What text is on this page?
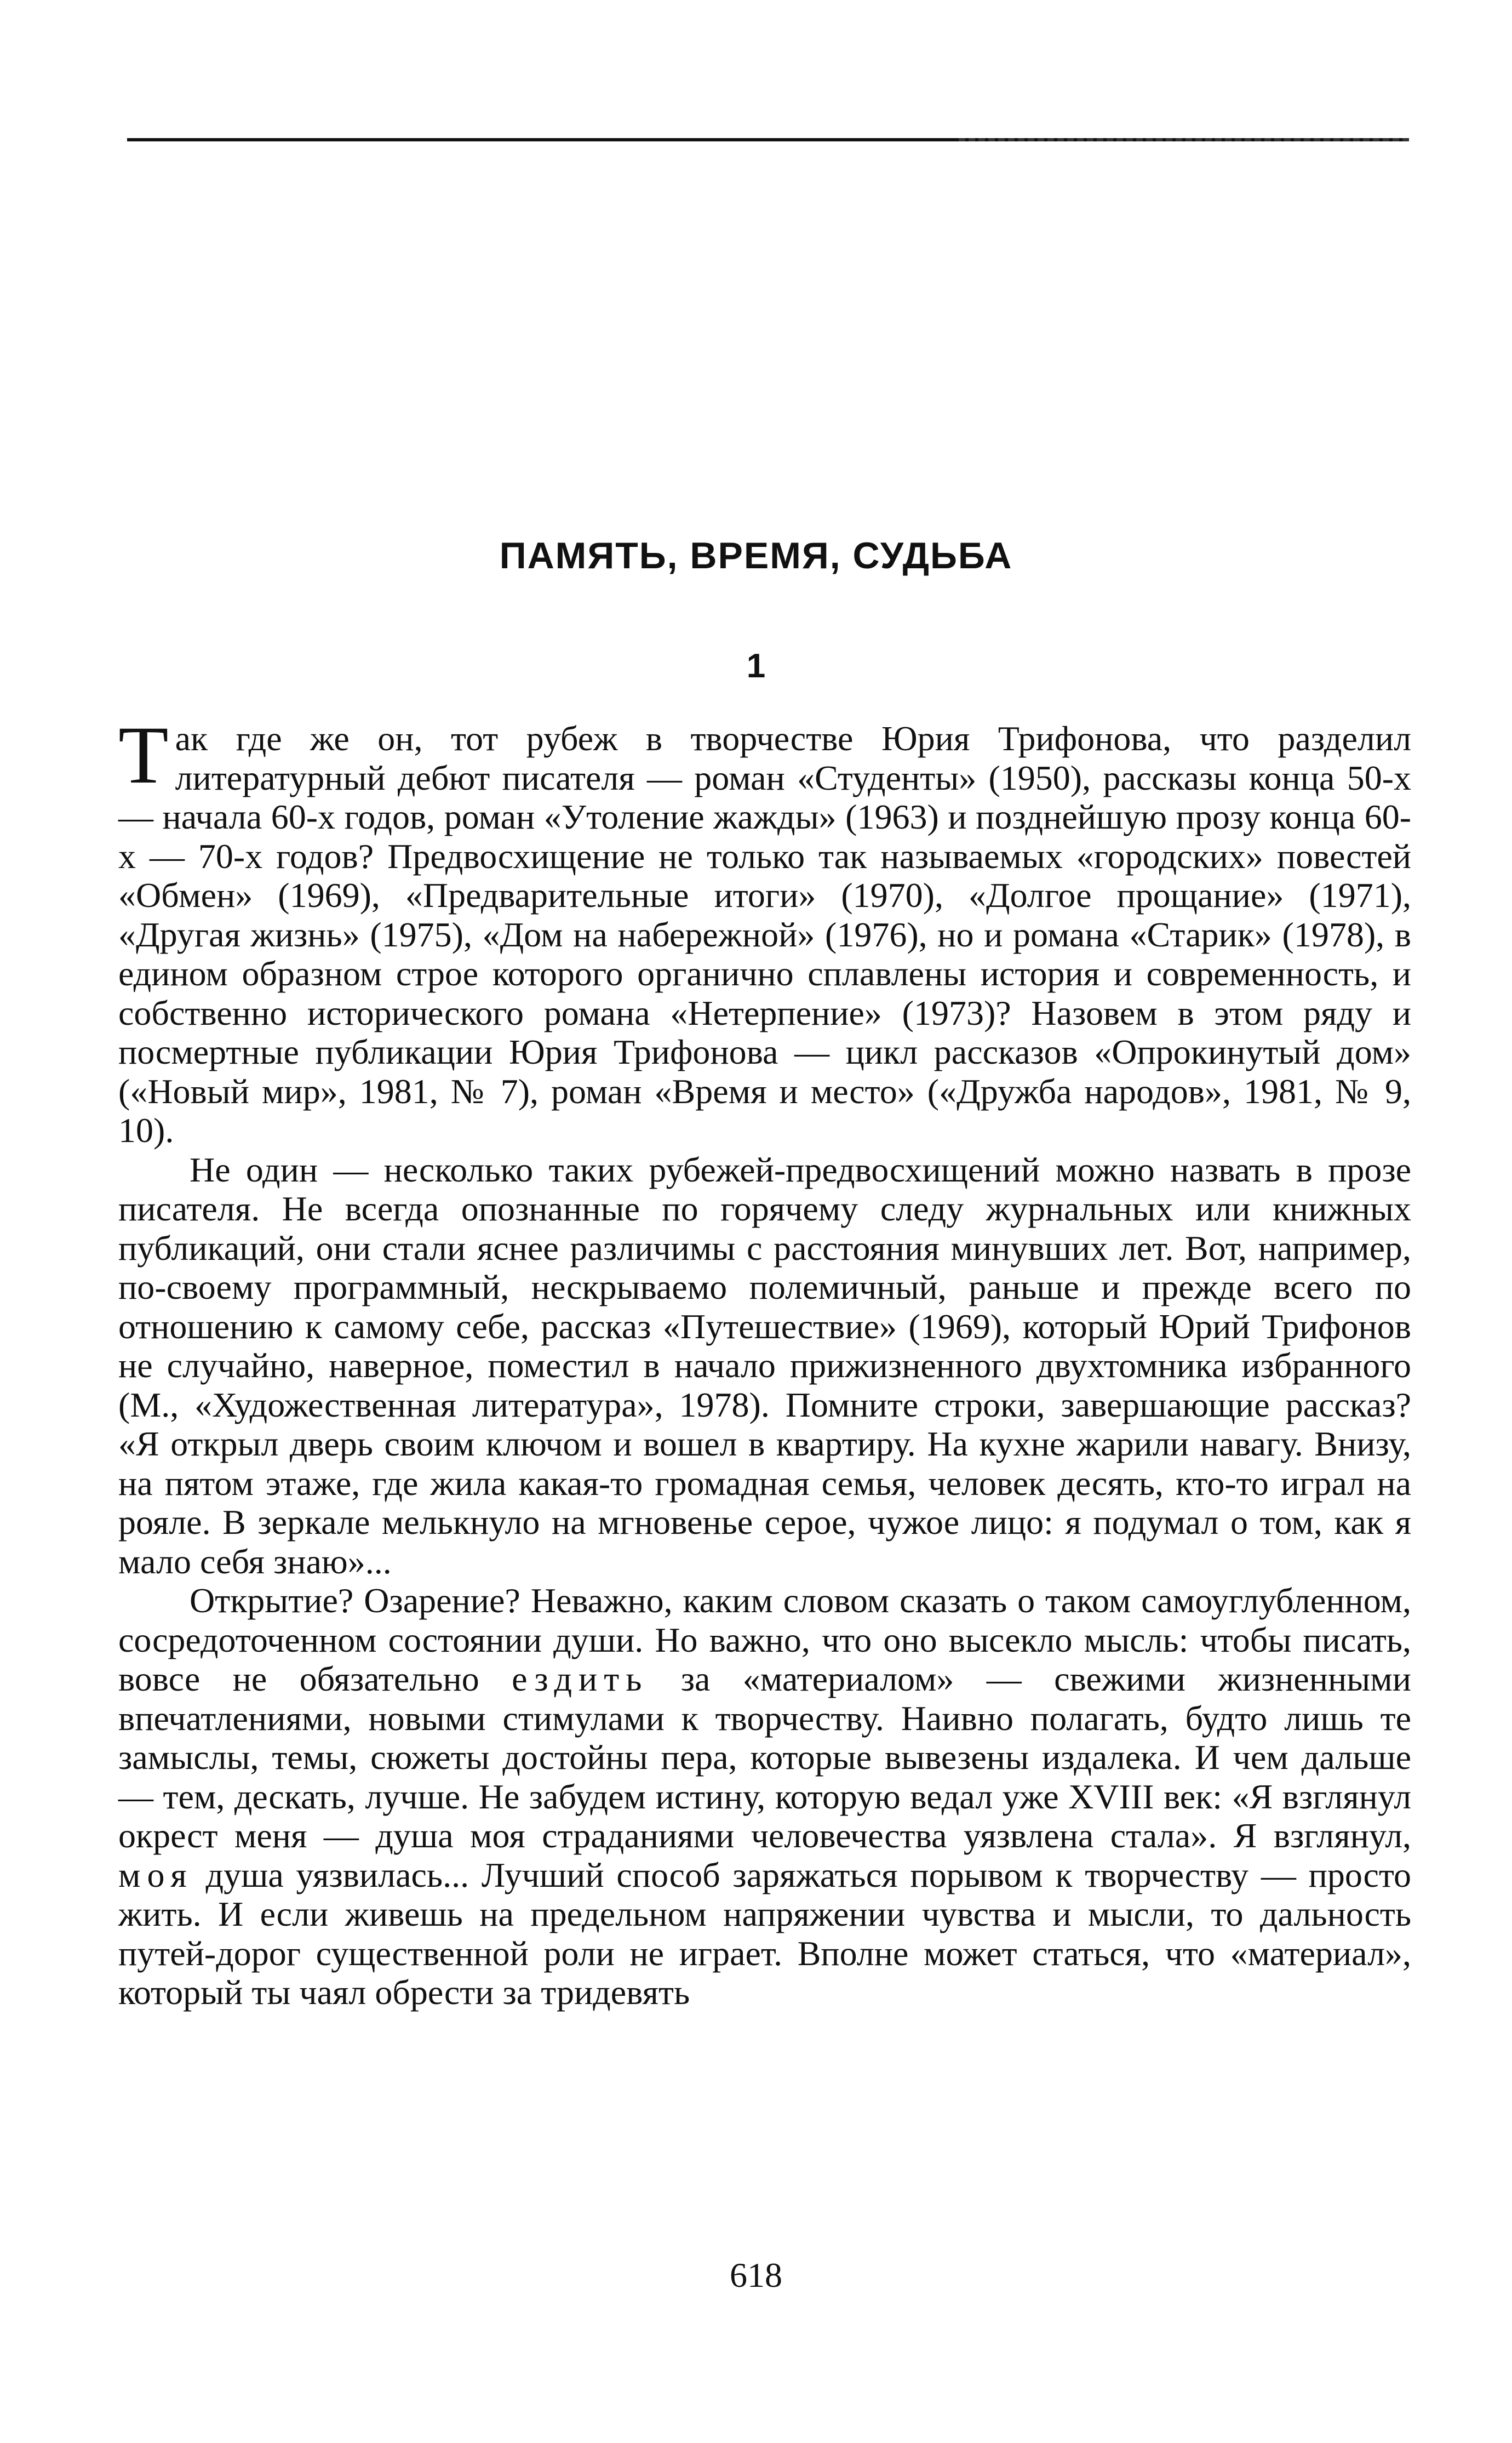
ПАМЯТЬ, ВРЕМЯ, СУДЬБА
1

Так где же он, тот рубеж в творчестве Юрия Трифонова, что разделил литературный дебют писателя — роман «Студенты» (1950), рассказы конца 50-х — начала 60-х годов, роман «Утоление жажды» (1963) и позднейшую прозу конца 60-х — 70-х годов? Предвосхищение не только так называемых «городских» повестей «Обмен» (1969), «Предварительные итоги» (1970), «Долгое прощание» (1971), «Другая жизнь» (1975), «Дом на набережной» (1976), но и романа «Старик» (1978), в едином образном строе которого органично сплавлены история и современность, и собственно исторического романа «Нетерпение» (1973)? Назовем в этом ряду и посмертные публикации Юрия Трифонова — цикл рассказов «Опрокинутый дом» («Новый мир», 1981, № 7), роман «Время и место» («Дружба народов», 1981, № 9, 10).

Не один — несколько таких рубежей-предвосхищений можно назвать в прозе писателя. Не всегда опознанные по горячему следу журнальных или книжных публикаций, они стали яснее различимы с расстояния минувших лет. Вот, например, по-своему программный, нескрываемо полемичный, раньше и прежде всего по отношению к самому себе, рассказ «Путешествие» (1969), который Юрий Трифонов не случайно, наверное, поместил в начало прижизненного двухтомника избранного (М., «Художественная литература», 1978). Помните строки, завершающие рассказ? «Я открыл дверь своим ключом и вошел в квартиру. На кухне жарили навагу. Внизу, на пятом этаже, где жила какая-то громадная семья, человек десять, кто-то играл на рояле. В зеркале мелькнуло на мгновенье серое, чужое лицо: я подумал о том, как я мало себя знаю»...

Открытие? Озарение? Неважно, каким словом сказать о таком самоуглубленном, сосредоточенном состоянии души. Но важно, что оно высекло мысль: чтобы писать, вовсе не обязательно ездить за «материалом» — свежими жизненными впечатлениями, новыми стимулами к творчеству. Наивно полагать, будто лишь те замыслы, темы, сюжеты достойны пера, которые вывезены издалека. И чем дальше — тем, дескать, лучше. Не забудем истину, которую ведал уже XVIII век: «Я взглянул окрест меня — душа моя страданиями человечества уязвлена стала». Я взглянул, моя душа уязвилась... Лучший способ заряжаться порывом к творчеству — просто жить. И если живешь на предельном напряжении чувства и мысли, то дальность путей-дорог существенной роли не играет. Вполне может статься, что «материал», который ты чаял обрести за тридевять

618
